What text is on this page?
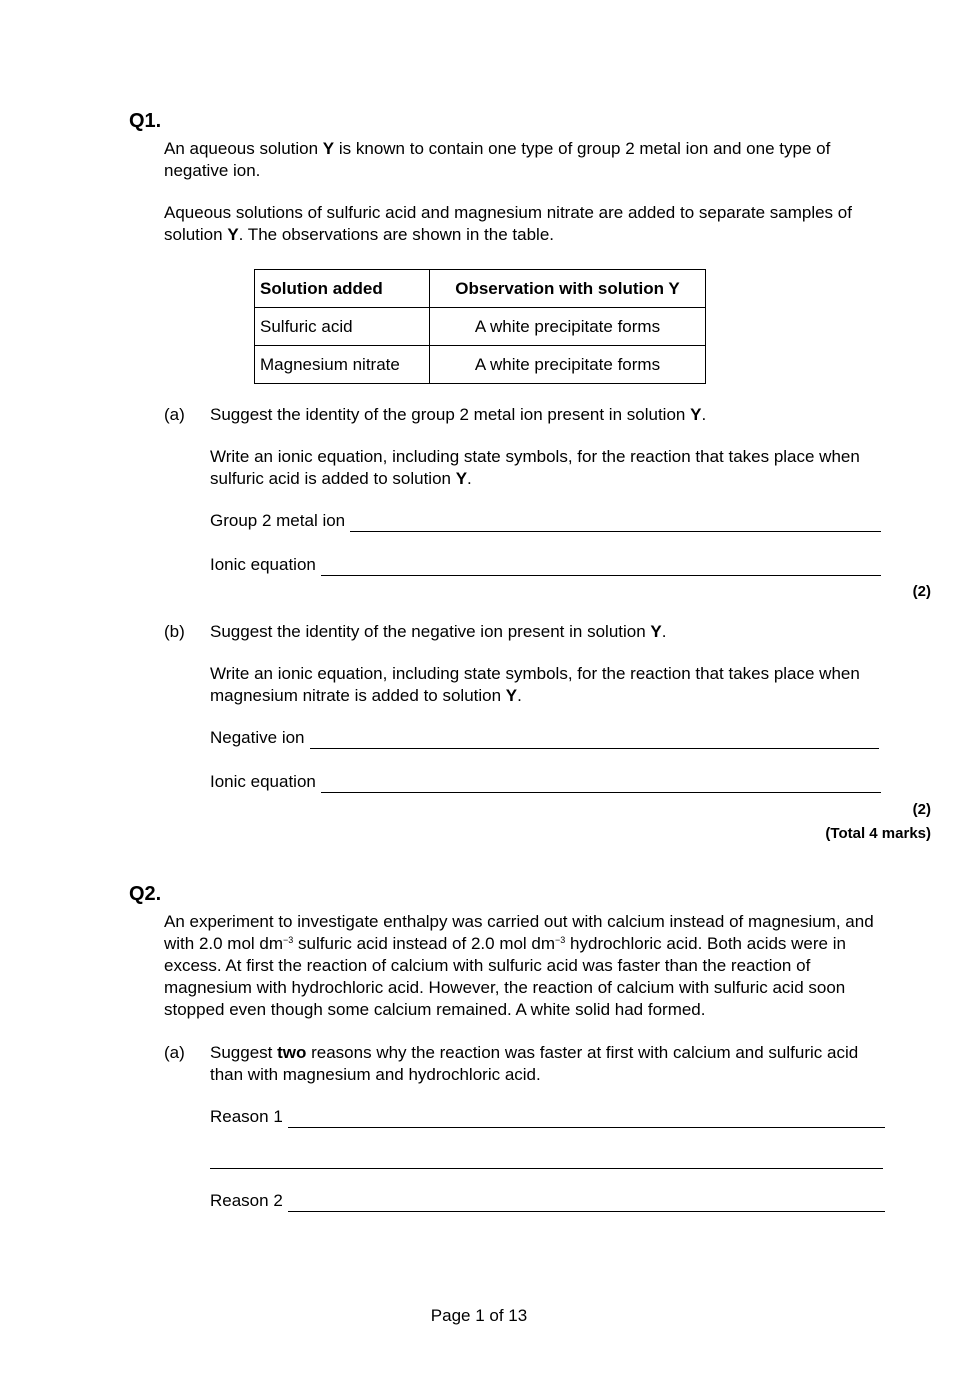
Q1.
An aqueous solution Y is known to contain one type of group 2 metal ion and one type of negative ion.
Aqueous solutions of sulfuric acid and magnesium nitrate are added to separate samples of solution Y. The observations are shown in the table.
Solution added	Observation with solution Y
Sulfuric acid	A white precipitate forms
Magnesium nitrate	A white precipitate forms
(a) Suggest the identity of the group 2 metal ion present in solution Y.
Write an ionic equation, including state symbols, for the reaction that takes place when sulfuric acid is added to solution Y.
Group 2 metal ion
Ionic equation
(2)
(b) Suggest the identity of the negative ion present in solution Y.
Write an ionic equation, including state symbols, for the reaction that takes place when magnesium nitrate is added to solution Y.
Negative ion
Ionic equation
(2)
(Total 4 marks)
Q2.
An experiment to investigate enthalpy was carried out with calcium instead of magnesium, and with 2.0 mol $dm^{-3}$ sulfuric acid instead of 2.0 mol $dm^{-3}$ hydrochloric acid. Both acids were in excess. At first the reaction of calcium with sulfuric acid was faster than the reaction of magnesium with hydrochloric acid. However, the reaction of calcium with sulfuric acid soon stopped even though some calcium remained. A white solid had formed.
(a) Suggest two reasons why the reaction was faster at first with calcium and sulfuric acid than with magnesium and hydrochloric acid.
Reason 1
Reason 2
Page 1 of 13
